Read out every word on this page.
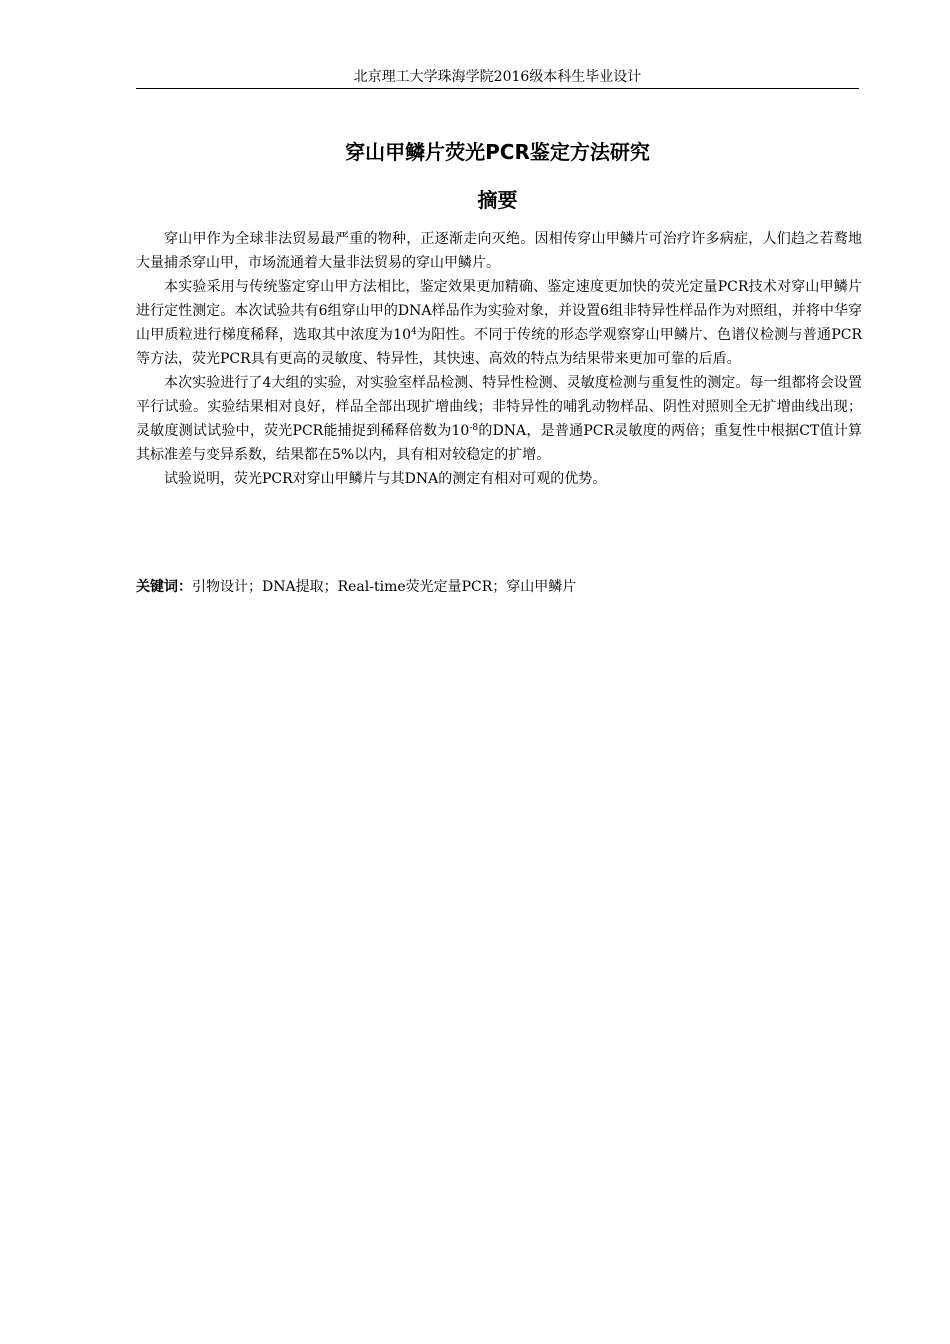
北京理工大学珠海学院2016级本科生毕业设计
穿山甲鳞片荧光PCR鉴定方法研究
摘要

穿山甲作为全球非法贸易最严重的物种，正逐渐走向灭绝。因相传穿山甲鳞片可治疗许多病症，人们趋之若鹜地大量捕杀穿山甲，市场流通着大量非法贸易的穿山甲鳞片。

本实验采用与传统鉴定穿山甲方法相比，鉴定效果更加精确、鉴定速度更加快的荧光定量PCR技术对穿山甲鳞片进行定性测定。本次试验共有6组穿山甲的DNA样品作为实验对象，并设置6组非特异性样品作为对照组，并将中华穿山甲质粒进行梯度稀释，选取其中浓度为$10^4$为阳性。不同于传统的形态学观察穿山甲鳞片、色谱仪检测与普通PCR等方法，荧光PCR具有更高的灵敏度、特异性，其快速、高效的特点为结果带来更加可靠的后盾。

本次实验进行了4大组的实验，对实验室样品检测、特异性检测、灵敏度检测与重复性的测定。每一组都将会设置平行试验。实验结果相对良好，样品全部出现扩增曲线；非特异性的哺乳动物样品、阴性对照则全无扩增曲线出现；灵敏度测试试验中，荧光PCR能捕捉到稀释倍数为$10^{-8}$的DNA，是普通PCR灵敏度的两倍；重复性中根据CT值计算其标准差与变异系数，结果都在5%以内，具有相对较稳定的扩增。

试验说明，荧光PCR对穿山甲鳞片与其DNA的测定有相对可观的优势。

关键词：引物设计；DNA提取；Real-time荧光定量PCR；穿山甲鳞片
